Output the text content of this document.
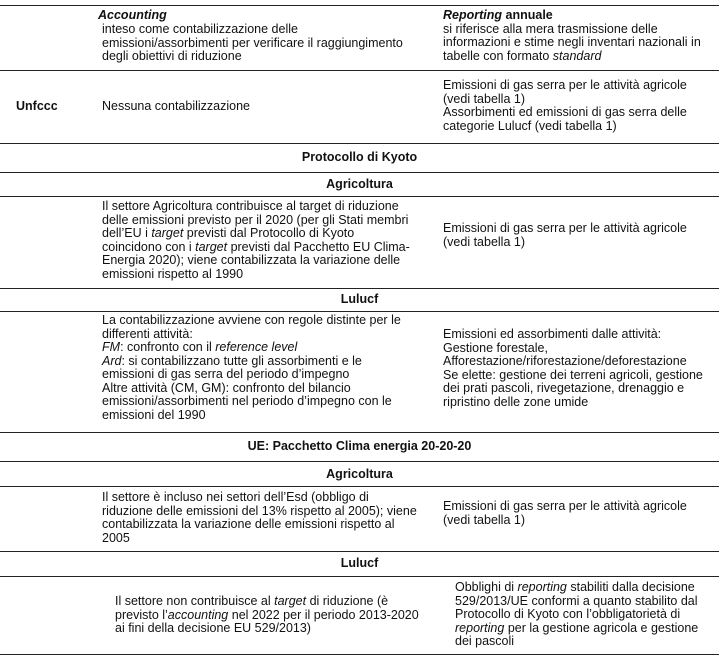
Accounting
inteso come contabilizzazione delle
emissioni/assorbimenti per verificare il raggiungimento
degli obiettivi di riduzione
Reporting annuale
si riferisce alla mera trasmissione delle
informazioni e stime negli inventari nazionali in
tabelle con formato standard
Unfccc	Nessuna contabilizzazione
Emissioni di gas serra per le attività agricole
(vedi tabella 1)
Assorbimenti ed emissioni di gas serra delle
categorie Lulucf (vedi tabella 1)
Protocollo di Kyoto
Agricoltura
Il settore Agricoltura contribuisce al target di riduzione
delle emissioni previsto per il 2020 (per gli Stati membri
dell’EU i target previsti dal Protocollo di Kyoto
coincidono con i target previsti dal Pacchetto EU Clima-
Energia 2020); viene contabilizzata la variazione delle
emissioni rispetto al 1990
Emissioni di gas serra per le attività agricole
(vedi tabella 1)
Lulucf
La contabilizzazione avviene con regole distinte per le
differenti attività:
FM: confronto con il reference level
Ard: si contabilizzano tutte gli assorbimenti e le
emissioni di gas serra del periodo d’impegno
Altre attività (CM, GM): confronto del bilancio
emissioni/assorbimenti nel periodo d’impegno con le
emissioni del 1990
Emissioni ed assorbimenti dalle attività:
Gestione forestale,
Afforestazione/riforestazione/deforestazione
Se elette: gestione dei terreni agricoli, gestione
dei prati pascoli, rivegetazione, drenaggio e
ripristino delle zone umide
UE: Pacchetto Clima energia 20-20-20
Agricoltura
Il settore è incluso nei settori dell’Esd (obbligo di
riduzione delle emissioni del 13% rispetto al 2005); viene
contabilizzata la variazione delle emissioni rispetto al
2005
Emissioni di gas serra per le attività agricole
(vedi tabella 1)
Lulucf
Il settore non contribuisce al target di riduzione (è
previsto l’accounting nel 2022 per il periodo 2013-2020
ai fini della decisione EU 529/2013)
Obblighi di reporting stabiliti dalla decisione
529/2013/UE conformi a quanto stabilito dal
Protocollo di Kyoto con l’obbligatorietà di
reporting per la gestione agricola e gestione
dei pascoli
